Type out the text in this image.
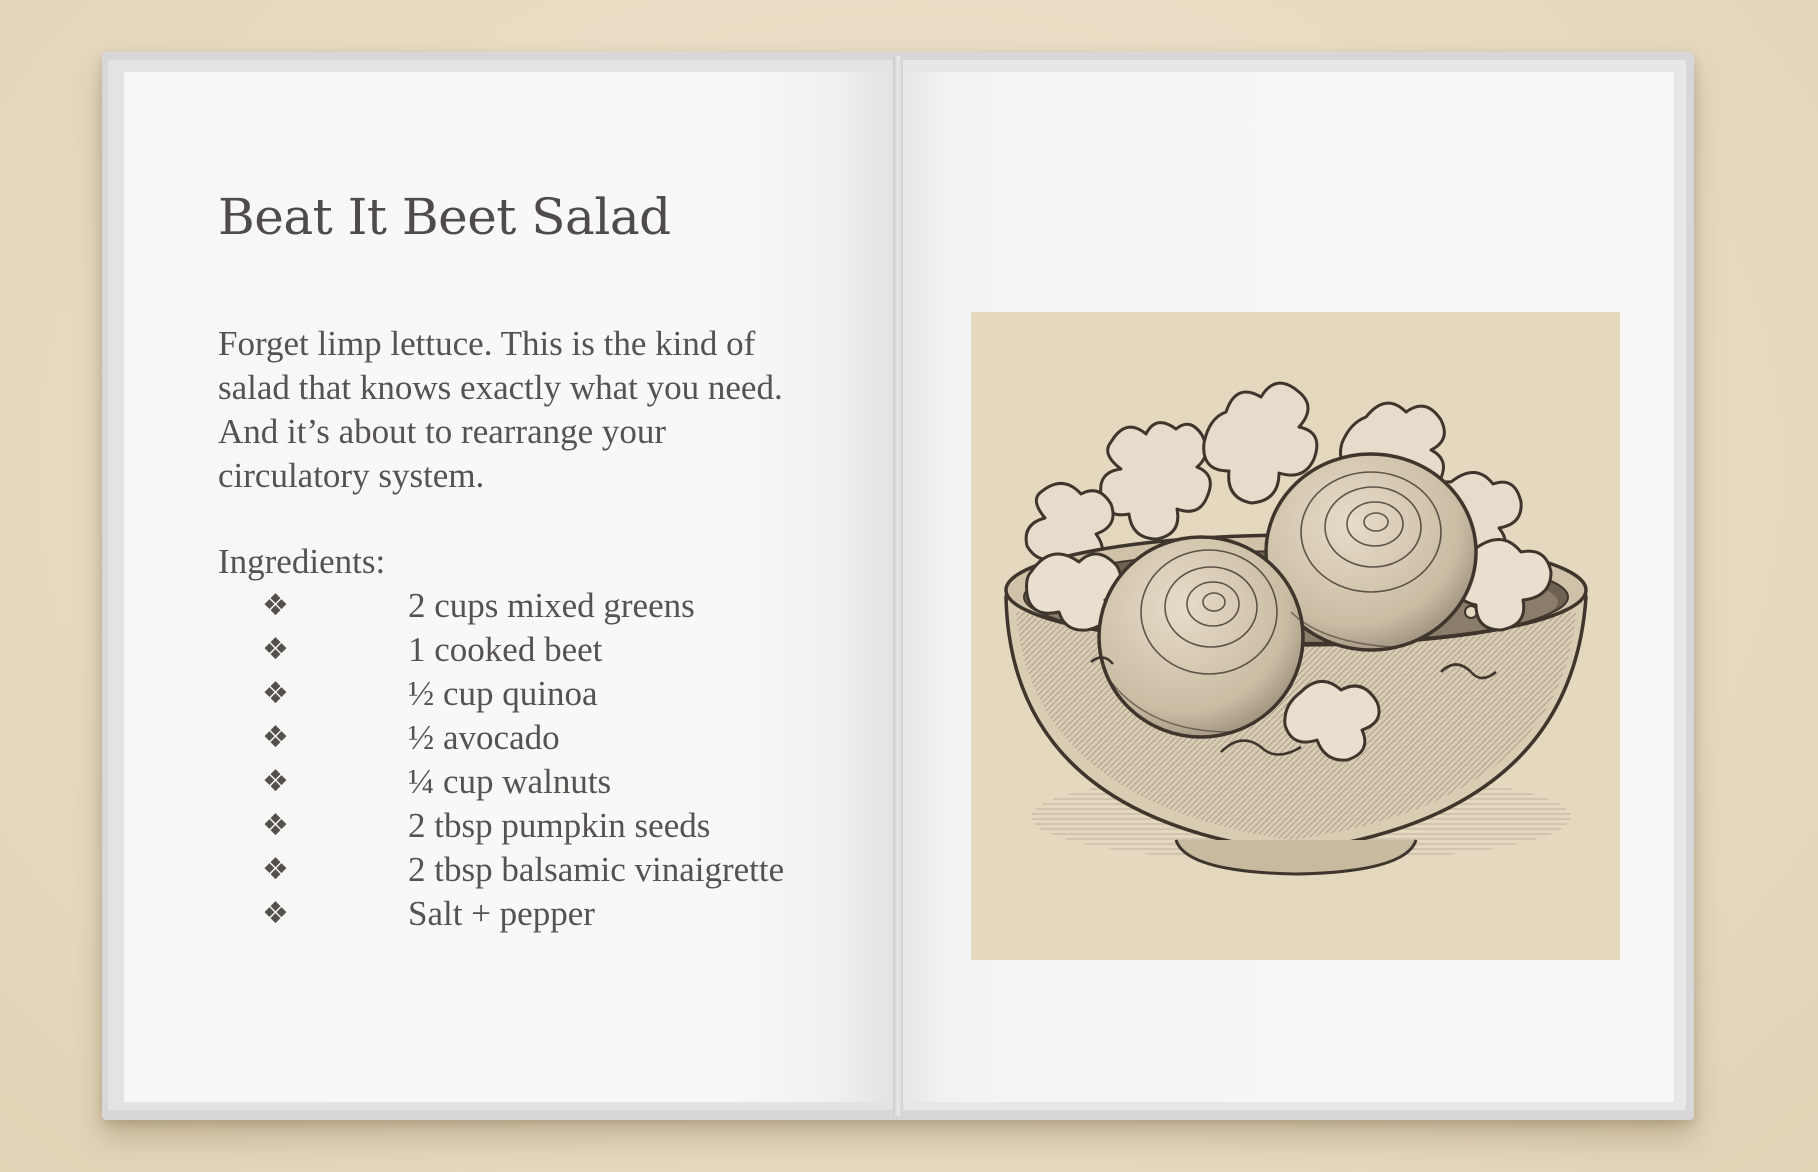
Beat It Beet Salad

Forget limp lettuce. This is the kind of
salad that knows exactly what you need.
And it’s about to rearrange your
circulatory system.

Ingredients:

❖	2 cups mixed greens
❖	1 cooked beet
❖	½ cup quinoa
❖	½ avocado
❖	¼ cup walnuts
❖	2 tbsp pumpkin seeds
❖	2 tbsp balsamic vinaigrette
❖	Salt + pepper
